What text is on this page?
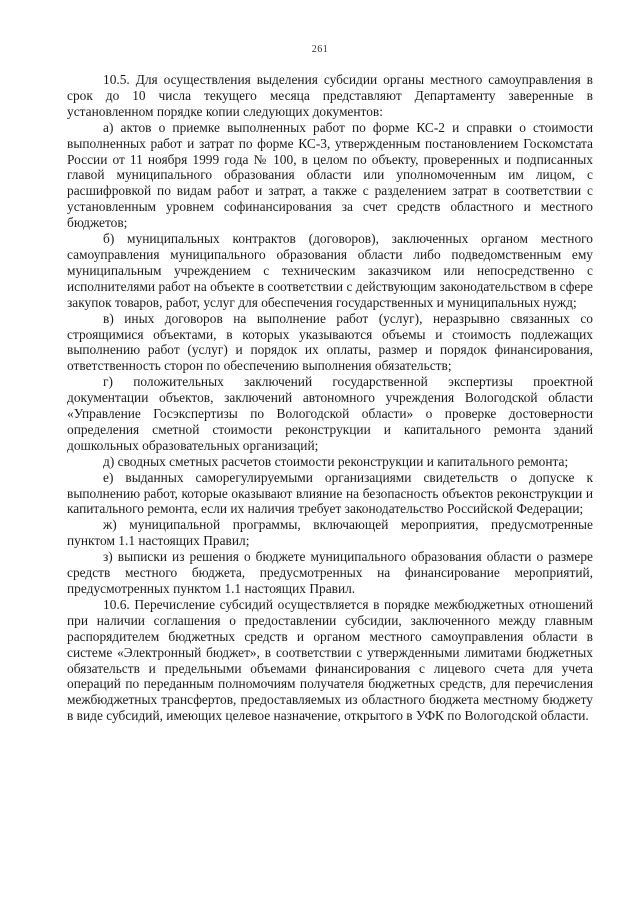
261

10.5. Для осуществления выделения субсидии органы местного самоуправления в срок до 10 числа текущего месяца представляют Департаменту заверенные в установленном порядке копии следующих документов:

а) актов о приемке выполненных работ по форме КС-2 и справки о стоимости выполненных работ и затрат по форме КС-3, утвержденным постановлением Госкомстата России от 11 ноября 1999 года № 100, в целом по объекту, проверенных и подписанных главой муниципального образования области или уполномоченным им лицом, с расшифровкой по видам работ и затрат, а также с разделением затрат в соответствии с установленным уровнем софинансирования за счет средств областного и местного бюджетов;

б) муниципальных контрактов (договоров), заключенных органом местного самоуправления муниципального образования области либо подведомственным ему муниципальным учреждением с техническим заказчиком или непосредственно с исполнителями работ на объекте в соответствии с действующим законодательством в сфере закупок товаров, работ, услуг для обеспечения государственных и муниципальных нужд;

в) иных договоров на выполнение работ (услуг), неразрывно связанных со строящимися объектами, в которых указываются объемы и стоимость подлежащих выполнению работ (услуг) и порядок их оплаты, размер и порядок финансирования, ответственность сторон по обеспечению выполнения обязательств;

г) положительных заключений государственной экспертизы проектной документации объектов, заключений автономного учреждения Вологодской области «Управление Госэкспертизы по Вологодской области» о проверке достоверности определения сметной стоимости реконструкции и капитального ремонта зданий дошкольных образовательных организаций;

д) сводных сметных расчетов стоимости реконструкции и капитального ремонта;

е) выданных саморегулируемыми организациями свидетельств о допуске к выполнению работ, которые оказывают влияние на безопасность объектов реконструкции и капитального ремонта, если их наличия требует законодательство Российской Федерации;

ж) муниципальной программы, включающей мероприятия, предусмотренные пунктом 1.1 настоящих Правил;

з) выписки из решения о бюджете муниципального образования области о размере средств местного бюджета, предусмотренных на финансирование мероприятий, предусмотренных пунктом 1.1 настоящих Правил.

10.6. Перечисление субсидий осуществляется в порядке межбюджетных отношений при наличии соглашения о предоставлении субсидии, заключенного между главным распорядителем бюджетных средств и органом местного самоуправления области в системе «Электронный бюджет», в соответствии с утвержденными лимитами бюджетных обязательств и предельными объемами финансирования с лицевого счета для учета операций по переданным полномочиям получателя бюджетных средств, для перечисления межбюджетных трансфертов, предоставляемых из областного бюджета местному бюджету в виде субсидий, имеющих целевое назначение, открытого в УФК по Вологодской области.
